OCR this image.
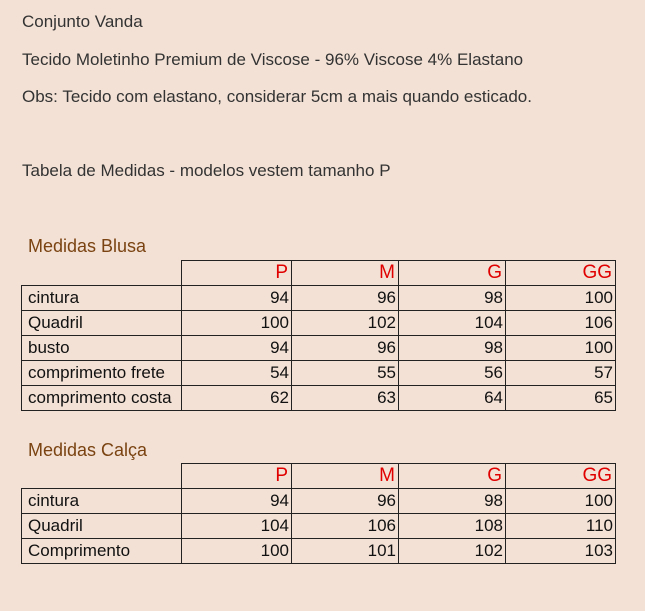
Conjunto Vanda

Tecido Moletinho Premium de Viscose - 96% Viscose 4% Elastano

Obs: Tecido com elastano, considerar 5cm a mais quando esticado.

Tabela de Medidas - modelos vestem tamanho P

Medidas Blusa
	P	M	G	GG
cintura	94	96	98	100
Quadril	100	102	104	106
busto	94	96	98	100
comprimento frete	54	55	56	57
comprimento costa	62	63	64	65
Medidas Calça
	P	M	G	GG
cintura	94	96	98	100
Quadril	104	106	108	110
Comprimento	100	101	102	103
